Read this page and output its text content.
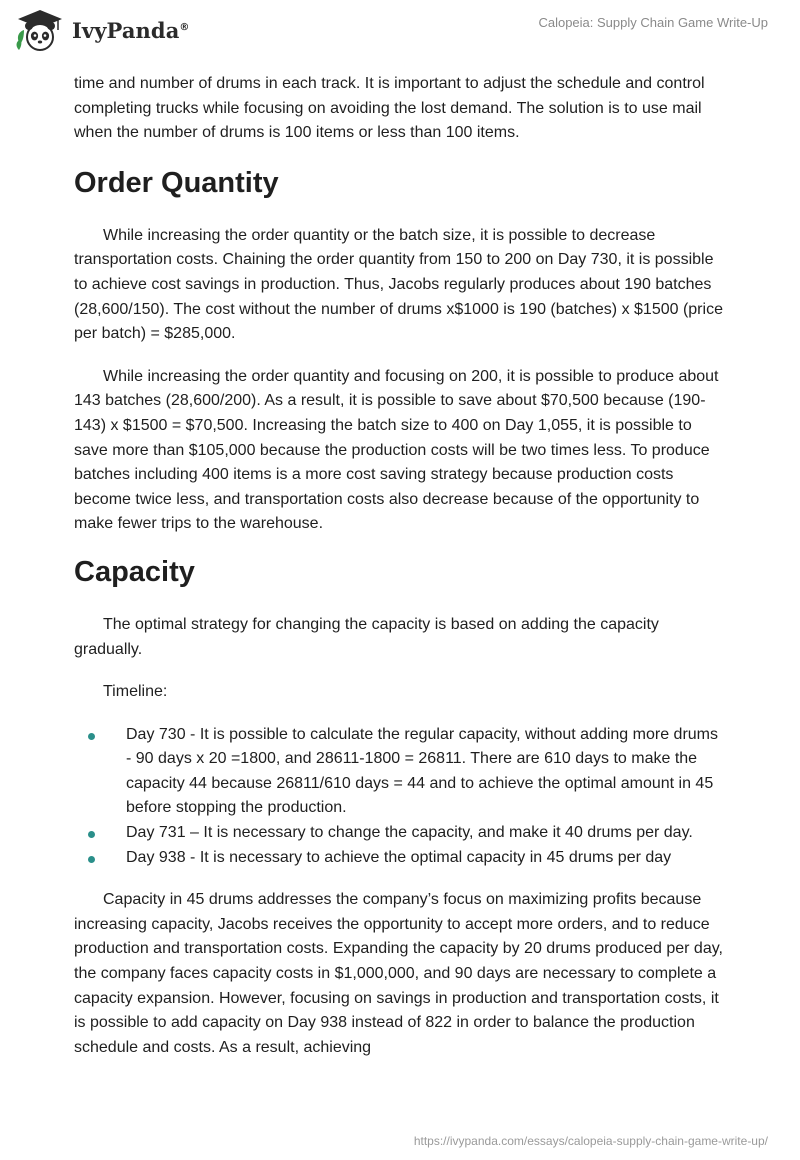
IvyPanda®	Calopeia: Supply Chain Game Write-Up

time and number of drums in each track. It is important to adjust the schedule and control completing trucks while focusing on avoiding the lost demand. The solution is to use mail when the number of drums is 100 items or less than 100 items.

Order Quantity

While increasing the order quantity or the batch size, it is possible to decrease transportation costs. Chaining the order quantity from 150 to 200 on Day 730, it is possible to achieve cost savings in production. Thus, Jacobs regularly produces about 190 batches (28,600/150). The cost without the number of drums x$1000 is 190 (batches) x $1500 (price per batch) = $285,000.

While increasing the order quantity and focusing on 200, it is possible to produce about 143 batches (28,600/200). As a result, it is possible to save about $70,500 because (190-143) x $1500 = $70,500. Increasing the batch size to 400 on Day 1,055, it is possible to save more than $105,000 because the production costs will be two times less. To produce batches including 400 items is a more cost saving strategy because production costs become twice less, and transportation costs also decrease because of the opportunity to make fewer trips to the warehouse.

Capacity

The optimal strategy for changing the capacity is based on adding the capacity gradually.

Timeline:

Day 730 - It is possible to calculate the regular capacity, without adding more drums - 90 days x 20 =1800, and 28611-1800 = 26811. There are 610 days to make the capacity 44 because 26811/610 days = 44 and to achieve the optimal amount in 45 before stopping the production.
Day 731 – It is necessary to change the capacity, and make it 40 drums per day.
Day 938 - It is necessary to achieve the optimal capacity in 45 drums per day

Capacity in 45 drums addresses the company’s focus on maximizing profits because increasing capacity, Jacobs receives the opportunity to accept more orders, and to reduce production and transportation costs. Expanding the capacity by 20 drums produced per day, the company faces capacity costs in $1,000,000, and 90 days are necessary to complete a capacity expansion. However, focusing on savings in production and transportation costs, it is possible to add capacity on Day 938 instead of 822 in order to balance the production schedule and costs. As a result, achieving

https://ivypanda.com/essays/calopeia-supply-chain-game-write-up/
